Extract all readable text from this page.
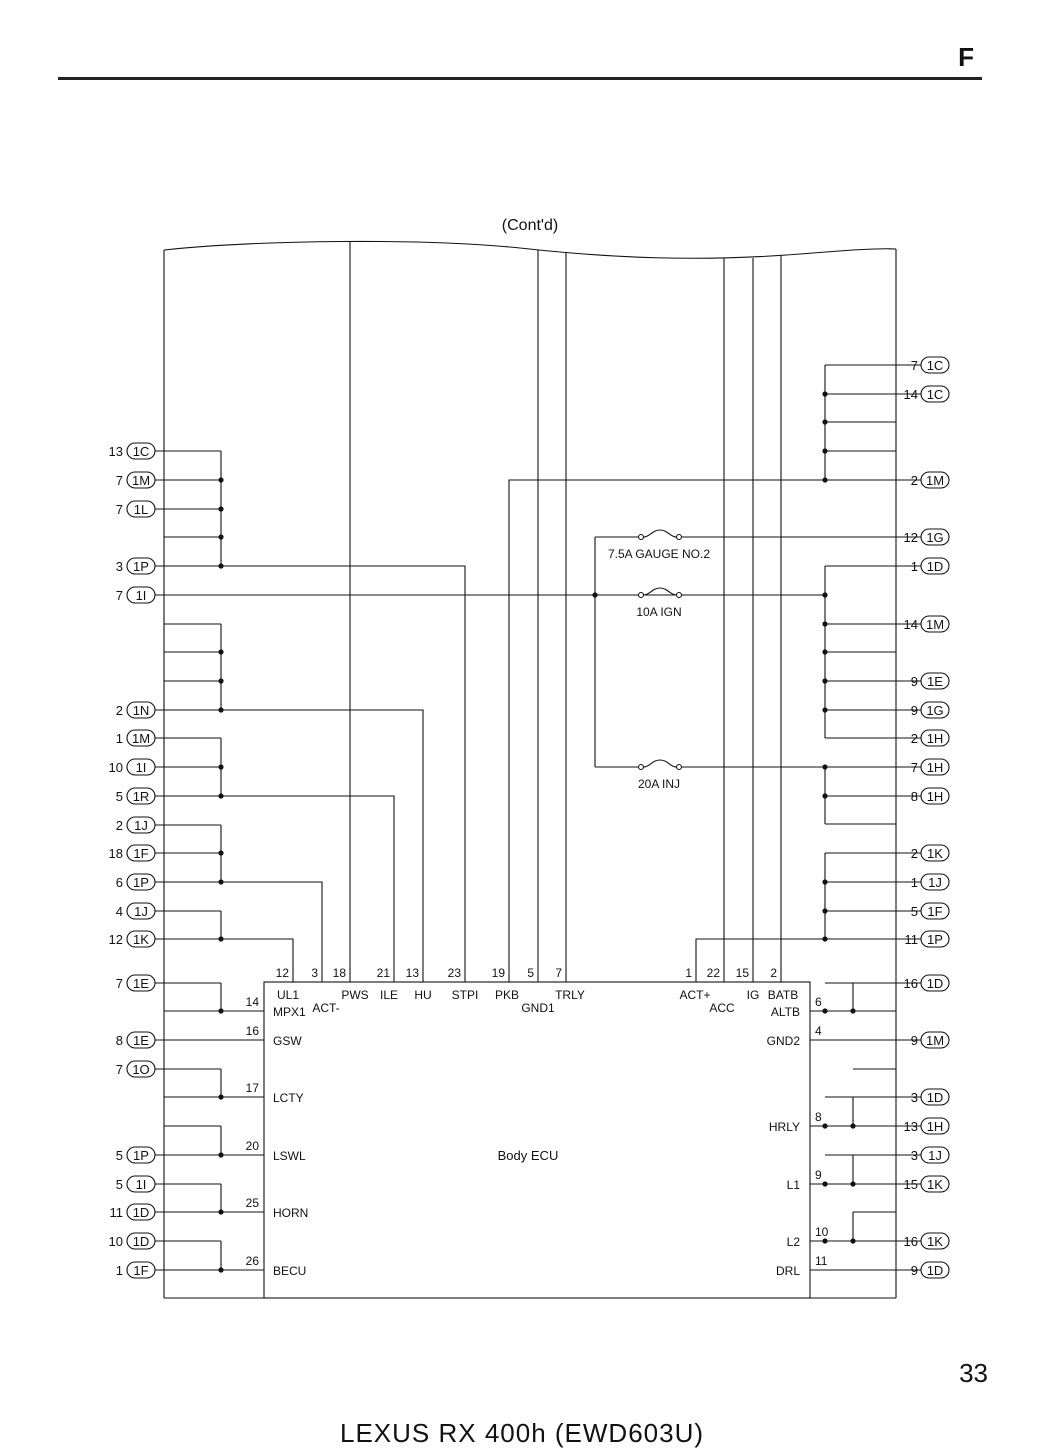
F
(Cont'd)
Body ECU
13 1C
7 1M
7 1L
3 1P
7 1I
2 1N
1 1M
10 1I
5 1R
2 1J
18 1F
6 1P
4 1J
12 1K
7 1E
8 1E
7 1O
5 1P
5 1I
11 1D
10 1D
1 1F
7 1C
14 1C
2 1M
12 1G
1 1D
14 1M
9 1E
9 1G
2 1H
7 1H
8 1H
2 1K
1 1J
5 1F
11 1P
16 1D
9 1M
3 1D
13 1H
3 1J
15 1K
16 1K
9 1D
7.5A GAUGE NO.2
10A IGN
20A INJ
12 3 18	21 13 23	19 5 7	1 22 15 2
UL1
ACT-
PWS ILE HU STPI PKB
GND1
TRLY	ACT+
ACC
IG BATB
14
MPX1
16
GSW
17
LCTY
20
LSWL
25
HORN
26
BECU
6
ALTB
4
GND2
8
HRLY
9
L1
10
L2
11
DRL
33
LEXUS RX 400h (EWD603U)
